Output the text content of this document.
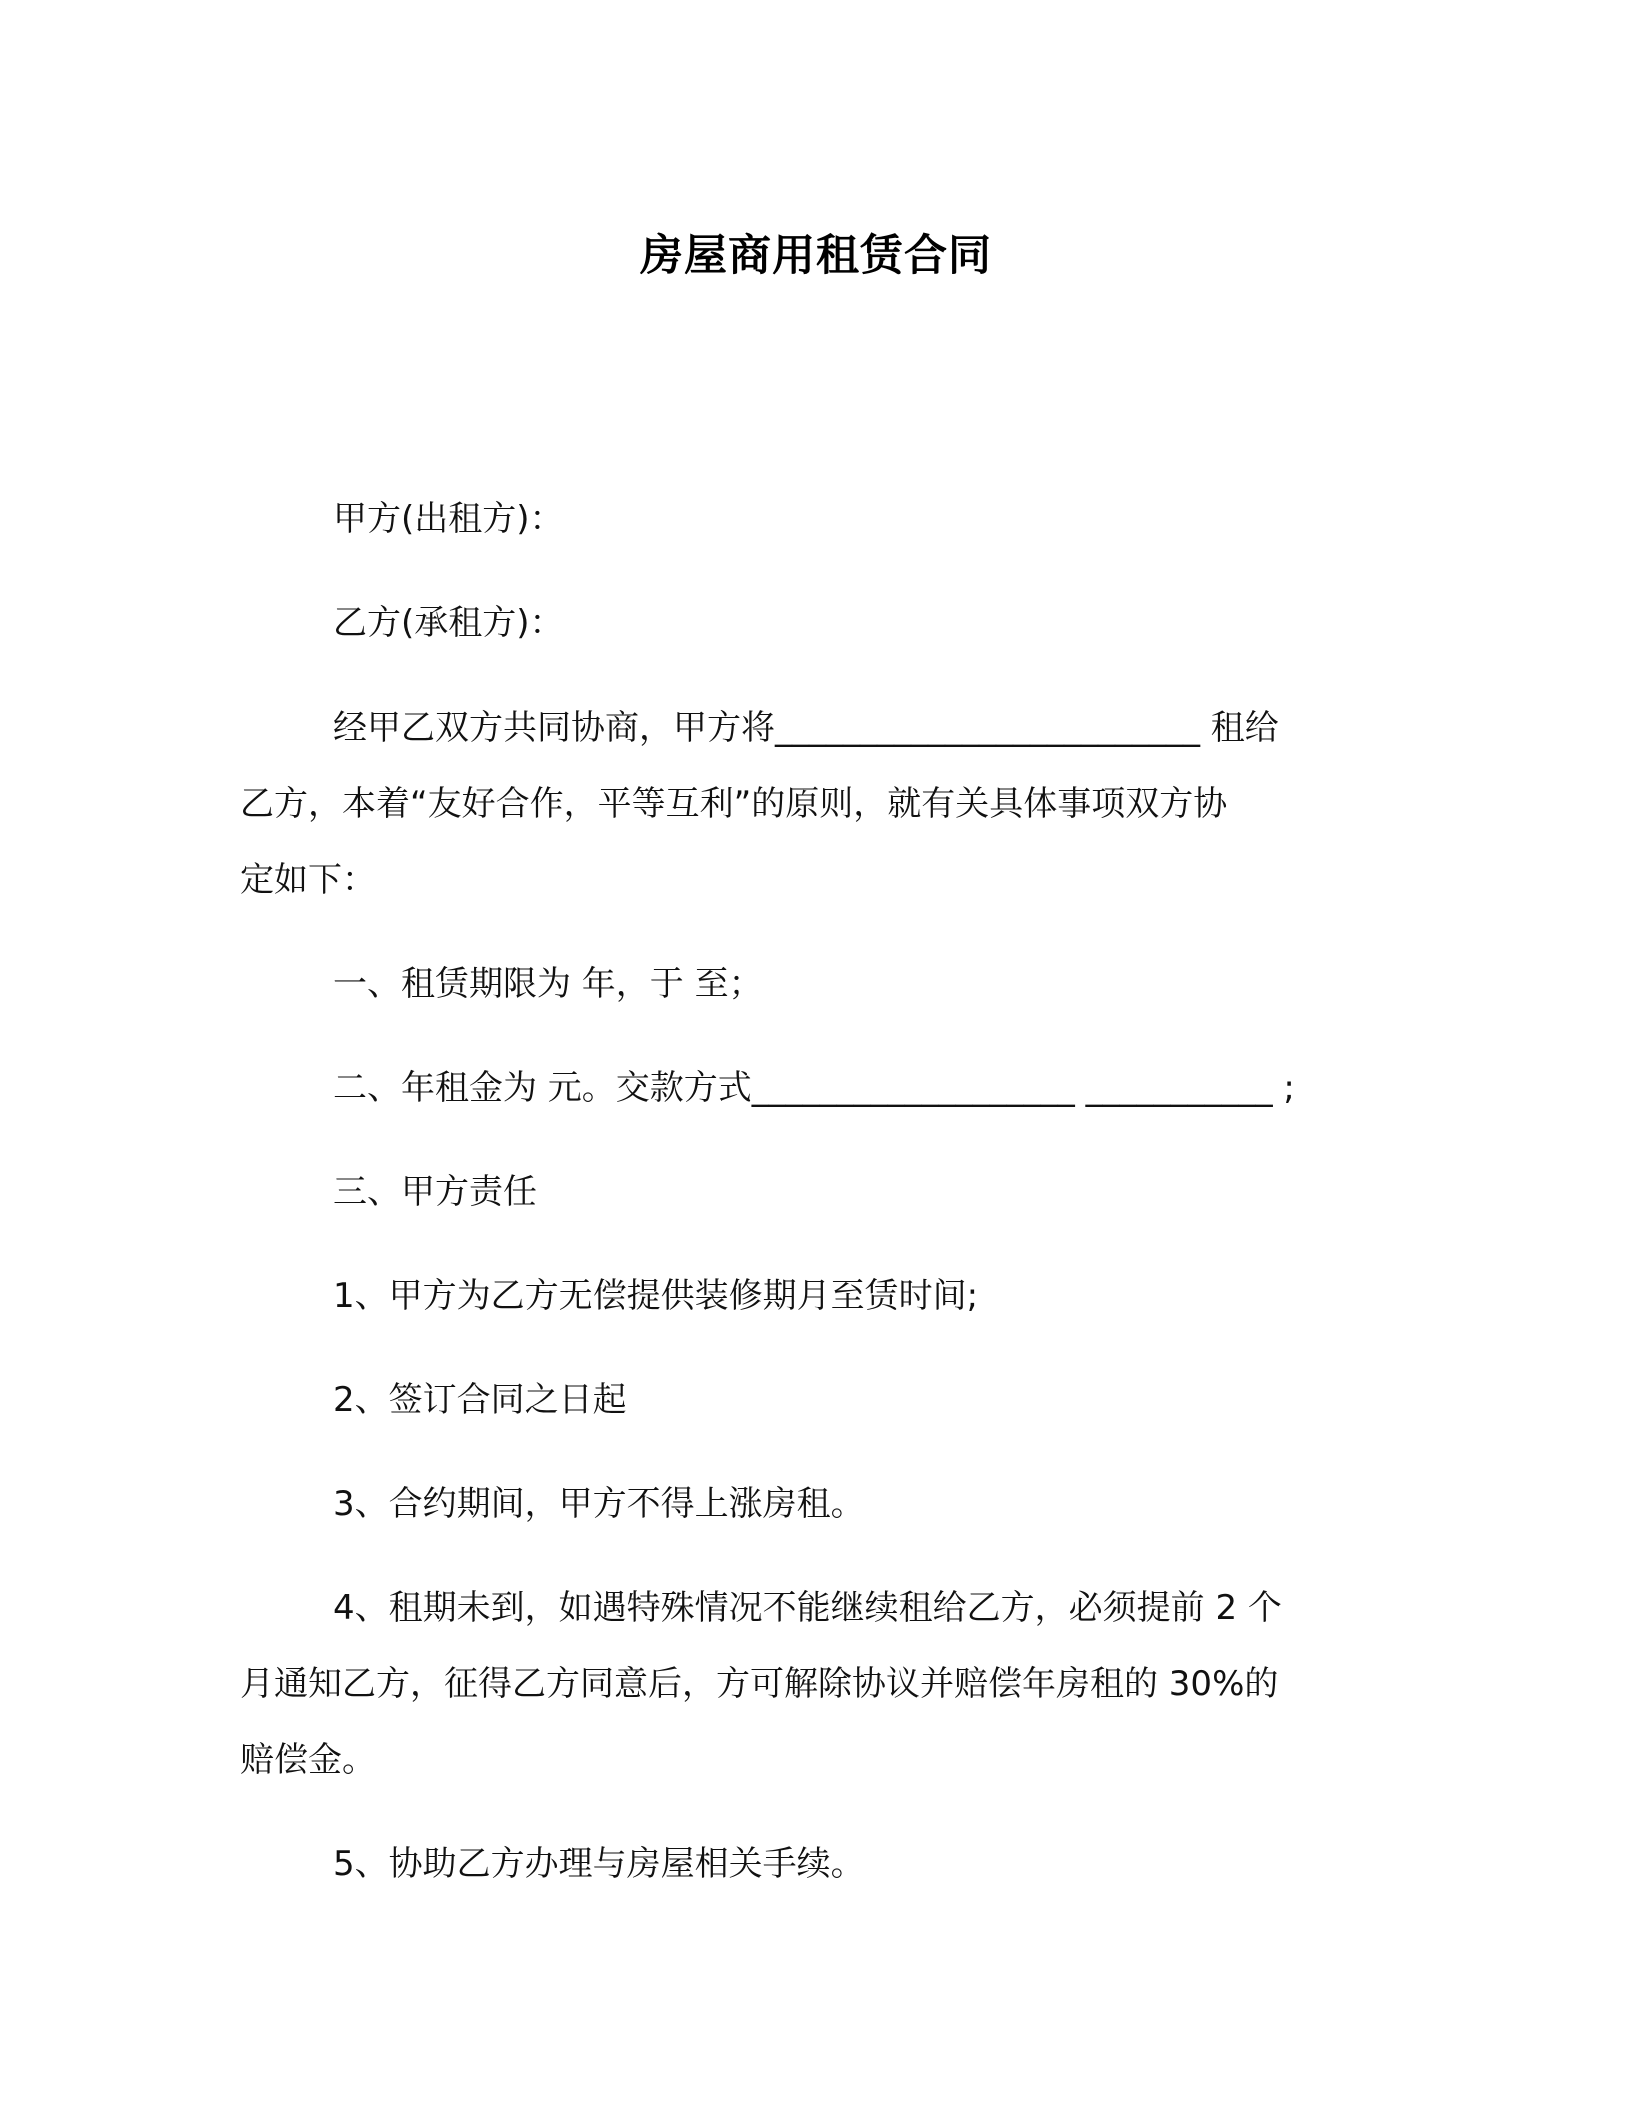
房屋商用租赁合同
甲方(出租方)：
乙方(承租方)：
经甲乙双方共同协商，甲方将_________________________ 租给
乙方，本着“友好合作，平等互利”的原则，就有关具体事项双方协
定如下：
一、租赁期限为 年，于 至；
二、年租金为 元。交款方式___________________ ___________ ;
三、甲方责任
1、甲方为乙方无偿提供装修期月至赁时间;
2、签订合同之日起
3、合约期间，甲方不得上涨房租。
4、租期未到，如遇特殊情况不能继续租给乙方，必须提前 2 个
月通知乙方，征得乙方同意后，方可解除协议并赔偿年房租的 30%的
赔偿金。
5、协助乙方办理与房屋相关手续。
